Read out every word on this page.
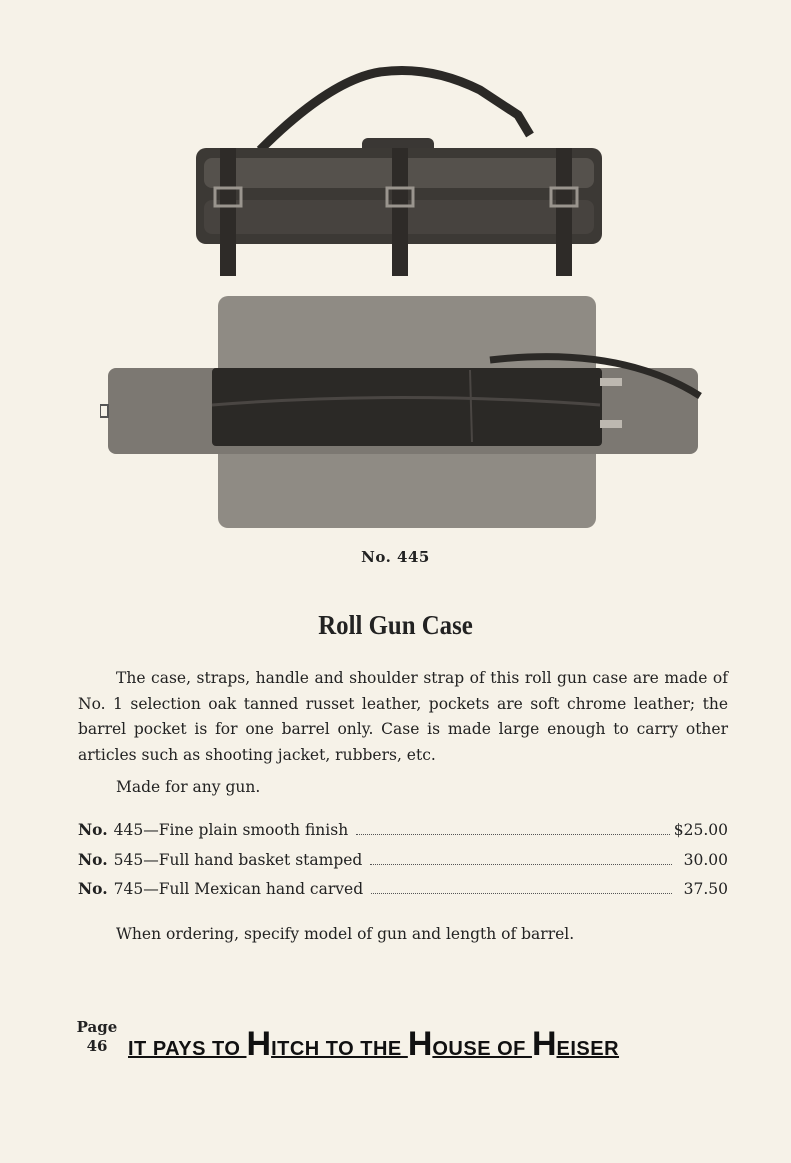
No. 445
Roll Gun Case
The case, straps, handle and shoulder strap of this roll gun case are made of No. 1 selection oak tanned russet leather, pockets are soft chrome leather; the barrel pocket is for one barrel only. Case is made large enough to carry other articles such as shooting jacket, rubbers, etc.
Made for any gun.
No. 445—Fine plain smooth finish	$25.00
No. 545—Full hand basket stamped	30.00
No. 745—Full Mexican hand carved	37.50
When ordering, specify model of gun and length of barrel.
Page
46	IT PAYS TO HITCH TO THE HOUSE OF HEISER
